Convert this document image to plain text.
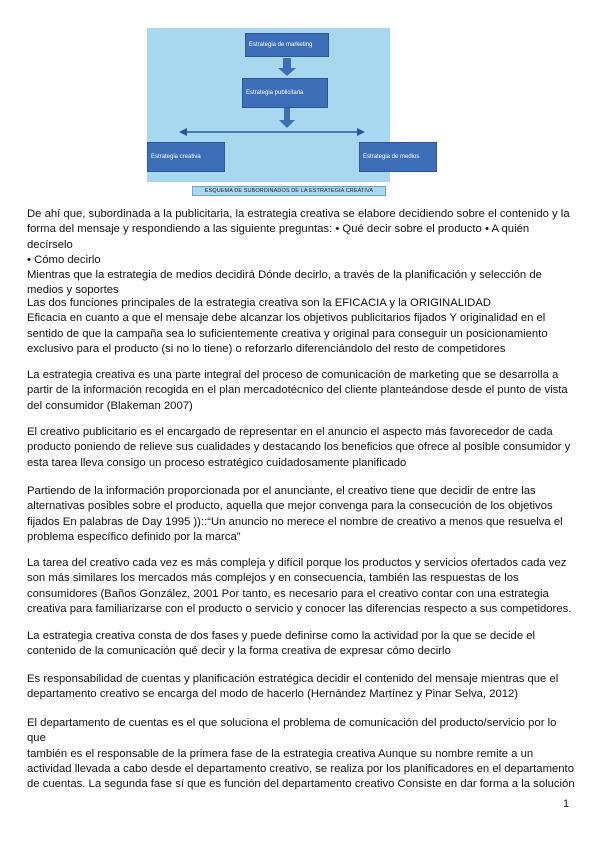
Estrategia de marketing
Estrategia publicitaria
Estrategia creativa	Estrategia de medios
ESQUEMA DE SUBORDINADOS DE LA ESTRATEGIA CREATIVA

De ahí que, subordinada a la publicitaria, la estrategia creativa se elabore decidiendo sobre el contenido y la

forma del mensaje y respondiendo a las siguiente preguntas: • Qué decir sobre el producto • A quién decírselo

• Cómo decirlo

Mientras que la estrategia de medios decidirá Dónde decirlo, a través de la planificación y selección de

medios y soportes

Las dos funciones principales de la estrategia creativa son la EFICACIA y la ORIGINALIDAD

Eficacia en cuanto a que el mensaje debe alcanzar los objetivos publicitarios fijados Y originalidad en el

sentido de que la campaña sea lo suficientemente creativa y original para conseguir un posicionamiento

exclusivo para el producto (si no lo tiene) o reforzarlo diferenciándolo del resto de competidores

La estrategia creativa es una parte integral del proceso de comunicación de marketing que se desarrolla a

partir de la información recogida en el plan mercadotécnico del cliente planteándose desde el punto de vista

del consumidor (Blakeman 2007)

El creativo publicitario es el encargado de representar en el anuncio el aspecto más favorecedor de cada

producto poniendo de relieve sus cualidades y destacando los beneficios que ofrece al posible consumidor y

esta tarea lleva consigo un proceso estratégico cuidadosamente planificado

Partiendo de la información proporcionada por el anunciante, el creativo tiene que decidir de entre las

alternativas posibles sobre el producto, aquella que mejor convenga para la consecución de los objetivos

fijados En palabras de Day 1995 ))::“Un anuncio no merece el nombre de creativo a menos que resuelva el

problema específico definido por la marca”

La tarea del creativo cada vez es más compleja y difícil porque los productos y servicios ofertados cada vez

son más similares los mercados más complejos y en consecuencia, también las respuestas de los

consumidores (Baños González, 2001 Por tanto, es necesario para el creativo contar con una estrategia

creativa para familiarizarse con el producto o servicio y conocer las diferencias respecto a sus competidores.

La estrategia creativa consta de dos fases y puede definirse como la actividad por la que se decide el

contenido de la comunicación qué decir y la forma creativa de expresar cómo decirlo

Es responsabilidad de cuentas y planificación estratégica decidir el contenido del mensaje mientras que el

departamento creativo se encarga del modo de hacerlo (Hernández Martínez y Pinar Selva, 2012)

El departamento de cuentas es el que soluciona el problema de comunicación del producto/servicio por lo que

también es el responsable de la primera fase de la estrategia creativa Aunque su nombre remite a un

actividad llevada a cabo desde el departamento creativo, se realiza por los planificadores en el departamento

de cuentas. La segunda fase sí que es función del departamento creativo Consiste en dar forma a la solución

1
